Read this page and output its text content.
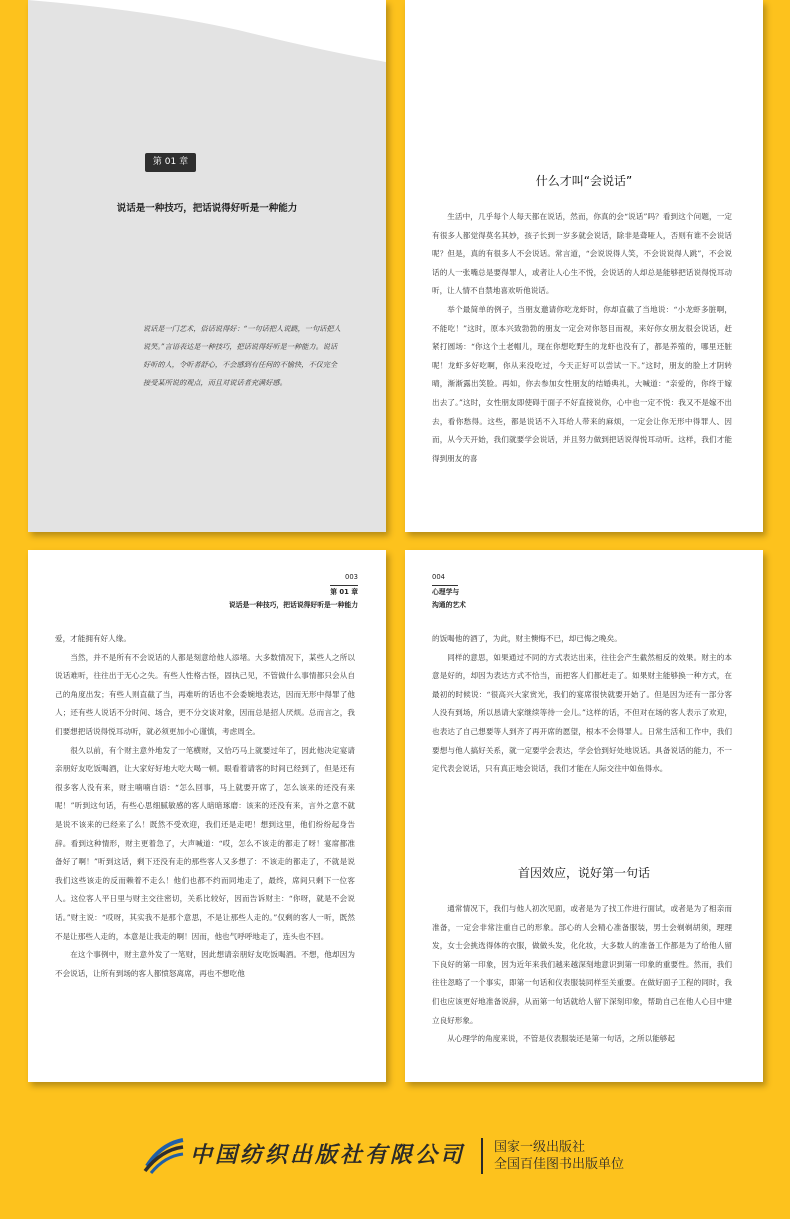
第 01 章
说话是一种技巧，把话说得好听是一种能力
说话是一门艺术，俗话说得好：“一句话把人说跳，一句话把人说笑。”言语表达是一种技巧，把话说得好听是一种能力。说话好听的人，令听者舒心，不会感到有任何的不愉快，不仅完全接受某所说的观点，而且对说话者充满好感。
什么才叫“会说话”

生活中，几乎每个人每天都在说话，然而，你真的会“说话”吗？看到这个问题，一定有很多人都觉得莫名其妙，孩子长到一岁多就会说话，除非是聋哑人，否则有谁不会说话呢？但是，真的有很多人不会说话。常言道，“会说说得人笑，不会说说得人跳”，不会说话的人一张嘴总是要得罪人，或者让人心生不悦，会说话的人却总是能够把话说得悦耳动听，让人情不自禁地喜欢听他说话。

举个最简单的例子，当朋友邀请你吃龙虾时，你却直截了当地说：“小龙虾多脏啊，不能吃！”这时，原本兴致勃勃的朋友一定会对你怒目而视，来好你女朋友很会说话，赶紧打圆场：“你这个土老帽儿，现在你想吃野生的龙虾也没有了，都是养殖的，哪里还脏呢！龙虾多好吃啊，你从来没吃过，今天正好可以尝试一下。”这时，朋友的脸上才阴转晴，渐渐露出笑脸。再如，你去参加女性朋友的结婚典礼，大喊道：“亲爱的，你终于嫁出去了。”这时，女性朋友即使碍于面子不好直接说你，心中也一定不悦：我又不是嫁不出去，看你愁得。这些，都是说话不入耳给人带来的麻烦，一定会让你无形中得罪人、因而，从今天开始，我们就要学会说话，并且努力做到把话说得悦耳动听。这样，我们才能得到朋友的喜

003
第 01 章
说话是一种技巧，把话说得好听是一种能力

爱，才能拥有好人缘。

当然，并不是所有不会说话的人都是刻意给他人添堵。大多数情况下，某些人之所以说话难听，往往出于无心之失。有些人性格古怪，固执己见，不管做什么事情都只会从自己的角度出发；有些人则直截了当，再难听的话也不会委婉地表达，因而无形中得罪了他人；还有些人说话不分时间、场合，更不分交谈对象，因而总是招人厌烦。总而言之，我们要想把话说得悦耳动听，就必须更加小心谨慎，考虑周全。

很久以前，有个财主意外地发了一笔横财，又恰巧马上就要过年了，因此他决定宴请亲朋好友吃饭喝酒，让大家好好地大吃大喝一顿。眼看着请客的时间已经到了，但是还有很多客人没有来，财主喃喃自语：“怎么回事，马上就要开席了，怎么该来的还没有来呢！”听到这句话，有些心思细腻敏感的客人暗暗琢磨：该来的还没有来，言外之意不就是说不该来的已经来了么！既然不受欢迎，我们还是走吧！想到这里，他们纷纷起身告辞。看到这种情形，财主更着急了，大声喊道：“哎，怎么不该走的都走了呀！宴席都准备好了啊！”听到这话，剩下还没有走的那些客人又多想了：不该走的都走了，不就是说我们这些该走的反而赖着不走么！他们也都不约而同地走了，最终，席间只剩下一位客人。这位客人平日里与财主交往密切，关系比较好，因而告诉财主：“你呀，就是不会说话。”财主说：“哎呀，其实我不是那个意思，不是让那些人走的。”仅剩的客人一听，既然不是让那些人走的，本意是让我走的啊！因而，他也气呼呼地走了，连头也不回。

在这个事例中，财主意外发了一笔财，因此想请亲朋好友吃饭喝酒。不想，他却因为不会说话，让所有到场的客人都愤怒离席，再也不想吃他

004
心理学与
沟通的艺术

的饭喝他的酒了，为此，财主懊悔不已，却已悔之晚矣。

同样的意思，如果通过不同的方式表达出来，往往会产生截然相反的效果。财主的本意是好的，却因为表达方式不恰当，而把客人们都赶走了。如果财主能够换一种方式，在最初的时候说：“很高兴大家赏光，我们的宴席很快就要开始了。但是因为还有一部分客人没有到场，所以恳请大家继续等待一会儿。”这样的话，不但对在场的客人表示了欢迎，也表达了自己想要等人到齐了再开席的愿望，根本不会得罪人。日常生活和工作中，我们要想与他人搞好关系，就一定要学会表达，学会恰到好处地说话。具备说话的能力，不一定代表会说话，只有真正地会说话，我们才能在人际交往中如鱼得水。

首因效应，说好第一句话

通常情况下，我们与他人初次见面，或者是为了找工作进行面试，或者是为了相亲而准备，一定会非常注重自己的形象。部心的人会精心准备服装，男士会剃剃胡须，理理发，女士会挑选得体的衣服，做做头发，化化妆，大多数人的准备工作都是为了给他人留下良好的第一印象，因为近年来我们越来越深刻地意识到第一印象的重要性。然而，我们往往忽略了一个事实，即第一句话和仪表服装同样至关重要。在做好面子工程的同时，我们也应该更好地准备说辞，从而第一句话就给人留下深刻印象，帮助自己在他人心目中建立良好形象。

从心理学的角度来说，不管是仪表服装还是第一句话，之所以能够起

中国纺织出版社有限公司 国家一级出版社
全国百佳图书出版单位
